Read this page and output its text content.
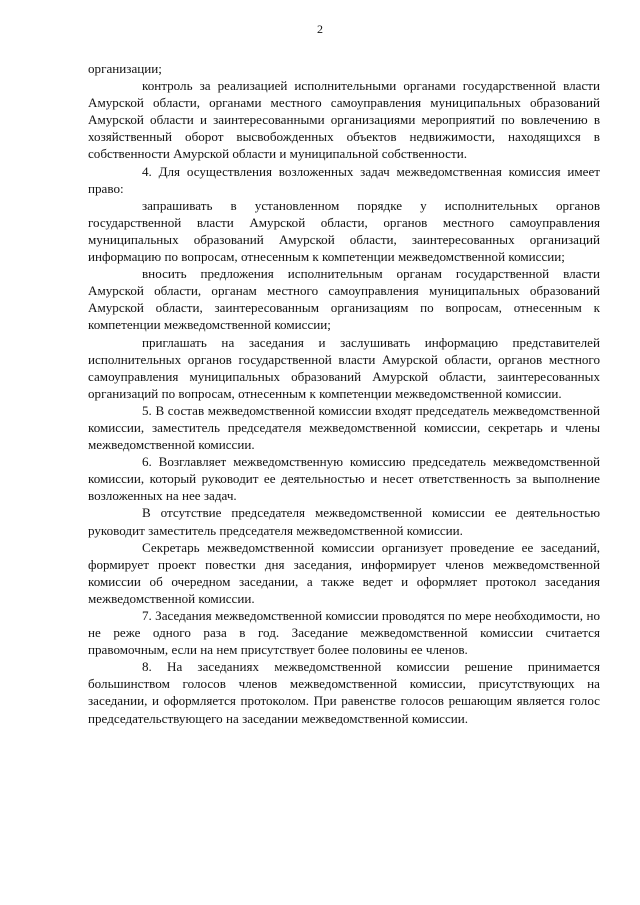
2

организации;

контроль за реализацией исполнительными органами государственной власти Амурской области, органами местного самоуправления муниципальных образований Амурской области и заинтересованными организациями мероприятий по вовлечению в хозяйственный оборот высвобожденных объектов недвижимости, находящихся в собственности Амурской области и муниципальной собственности.

4. Для осуществления возложенных задач межведомственная комиссия имеет право:

запрашивать в установленном порядке у исполнительных органов государственной власти Амурской области, органов местного самоуправления муниципальных образований Амурской области, заинтересованных организаций информацию по вопросам, отнесенным к компетенции межведомственной комиссии;

вносить предложения исполнительным органам государственной власти Амурской области, органам местного самоуправления муниципальных образований Амурской области, заинтересованным организациям по вопросам, отнесенным к компетенции межведомственной комиссии;

приглашать на заседания и заслушивать информацию представителей исполнительных органов государственной власти Амурской области, органов местного самоуправления муниципальных образований Амурской области, заинтересованных организаций по вопросам, отнесенным к компетенции межведомственной комиссии.

5. В состав межведомственной комиссии входят председатель межведомственной комиссии, заместитель председателя межведомственной комиссии, секретарь и члены межведомственной комиссии.

6. Возглавляет межведомственную комиссию председатель межведомственной комиссии, который руководит ее деятельностью и несет ответственность за выполнение возложенных на нее задач.

В отсутствие председателя межведомственной комиссии ее деятельностью руководит заместитель председателя межведомственной комиссии.

Секретарь межведомственной комиссии организует проведение ее заседаний, формирует проект повестки дня заседания, информирует членов межведомственной комиссии об очередном заседании, а также ведет и оформляет протокол заседания межведомственной комиссии.

7. Заседания межведомственной комиссии проводятся по мере необходимости, но не реже одного раза в год. Заседание межведомственной комиссии считается правомочным, если на нем присутствует более половины ее членов.

8. На заседаниях межведомственной комиссии решение принимается большинством голосов членов межведомственной комиссии, присутствующих на заседании, и оформляется протоколом. При равенстве голосов решающим является голос председательствующего на заседании межведомственной комиссии.
